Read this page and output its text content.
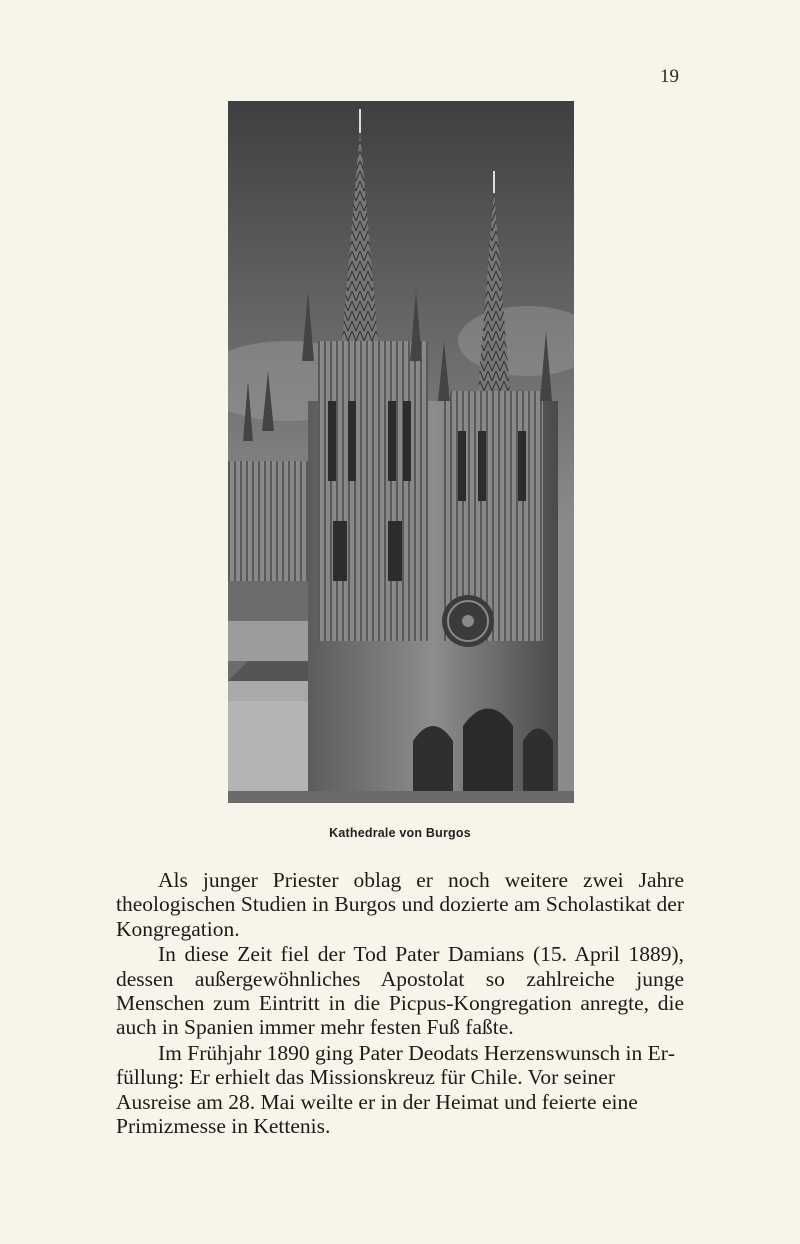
19
Kathedrale von Burgos

Als junger Priester oblag er noch weitere zwei Jahre theologischen Studien in Burgos und dozierte am Scholastikat der Kongregation.

In diese Zeit fiel der Tod Pater Damians (15. April 1889), dessen außergewöhnliches Apostolat so zahlreiche junge Menschen zum Eintritt in die Picpus-Kongregation anregte, die auch in Spanien immer mehr festen Fuß faßte.

Im Frühjahr 1890 ging Pater Deodats Herzenswunsch in Erfüllung: Er erhielt das Missionskreuz für Chile. Vor seiner Ausreise am 28. Mai weilte er in der Heimat und feierte eine Primizmesse in Kettenis.
